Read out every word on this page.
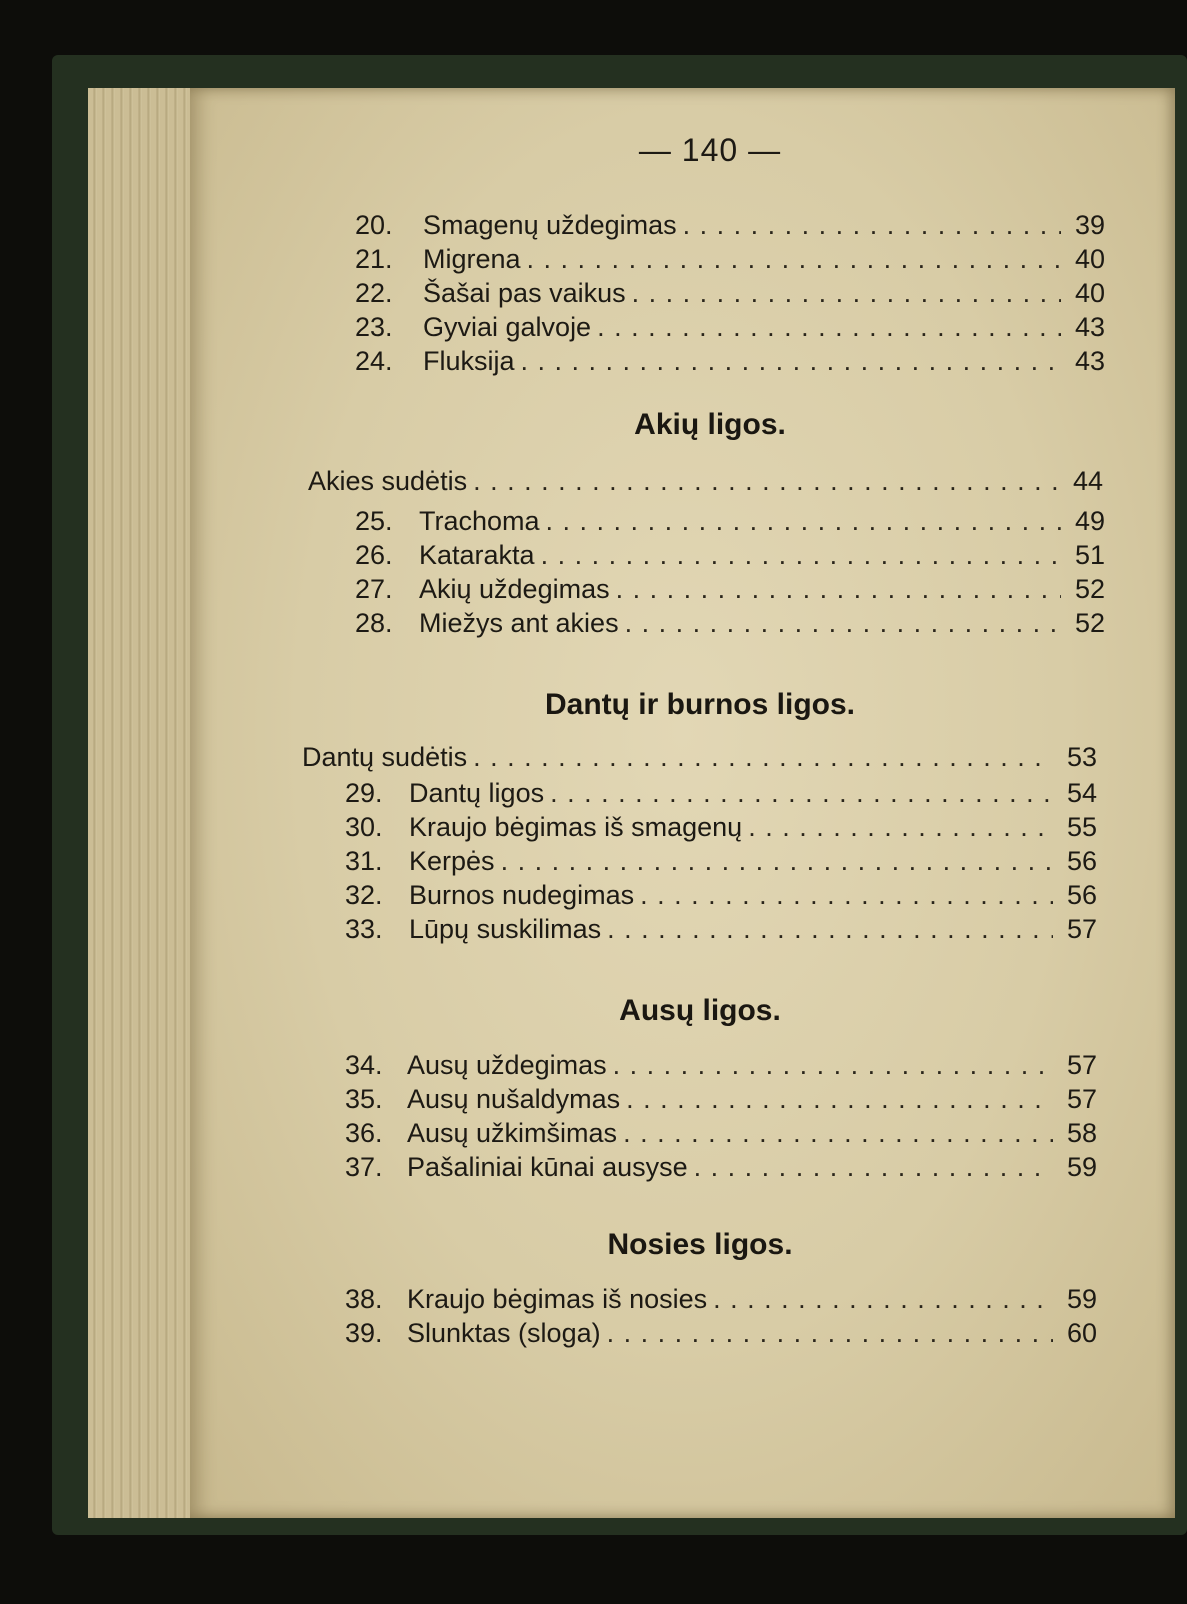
— 140 —
20.	Smagenų uždegimas . . .	39
21.	Migrena . . .	40
22.	Šašai pas vaikus . . .	40
23.	Gyviai galvoje . . .	43
24.	Fluksija . . .	43
Akių ligos.
Akies sudėtis . . .	44
25. Trachoma . . .	49
26. Katarakta . . .	51
27. Akių uždegimas . . .	52
28. Miežys ant akies . . .	52
Dantų ir burnos ligos.
Dantų sudėtis . . .	53
29. Dantų ligos . . .	54
30. Kraujo bėgimas iš smagenų . . .	55
31. Kerpės . . .	56
32. Burnos nudegimas . . .	56
33. Lūpų suskilimas . . .	57
Ausų ligos.
34. Ausų uždegimas . . .	57
35. Ausų nušaldymas . . .	57
36. Ausų užkimšimas . . .	58
37. Pašaliniai kūnai ausyse . . .	59
Nosies ligos.
38. Kraujo bėgimas iš nosies . . .	59
39. Slunktas (sloga) . . .	60
